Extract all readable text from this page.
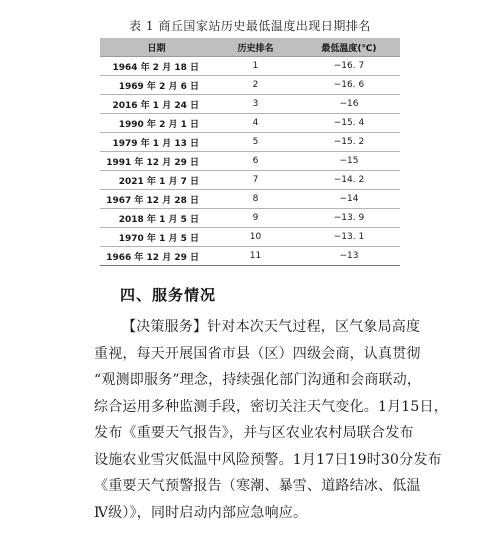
表 1 商丘国家站历史最低温度出现日期排名
日期	历史排名	最低温度(℃)
1964 年 2 月 18 日	1	−16. 7
1969 年 2 月 6 日	2	−16. 6
2016 年 1 月 24 日	3	−16
1990 年 2 月 1 日	4	−15. 4
1979 年 1 月 13 日	5	−15. 2
1991 年 12 月 29 日	6	−15
2021 年 1 月 7 日	7	−14. 2
1967 年 12 月 28 日	8	−14
2018 年 1 月 5 日	9	−13. 9
1970 年 1 月 5 日	10	−13. 1
1966 年 12 月 29 日	11	−13
四、服务情况
【决策服务】针对本次天气过程，区气象局高度
重视，每天开展国省市县（区）四级会商，认真贯彻
“观测即服务”理念，持续强化部门沟通和会商联动，
综合运用多种监测手段，密切关注天气变化。1月15日，
发布《重要天气报告》，并与区农业农村局联合发布
设施农业雪灾低温中风险预警。1月17日19时30分发布
《重要天气预警报告（寒潮、暴雪、道路结冰、低温
Ⅳ级）》，同时启动内部应急响应。
